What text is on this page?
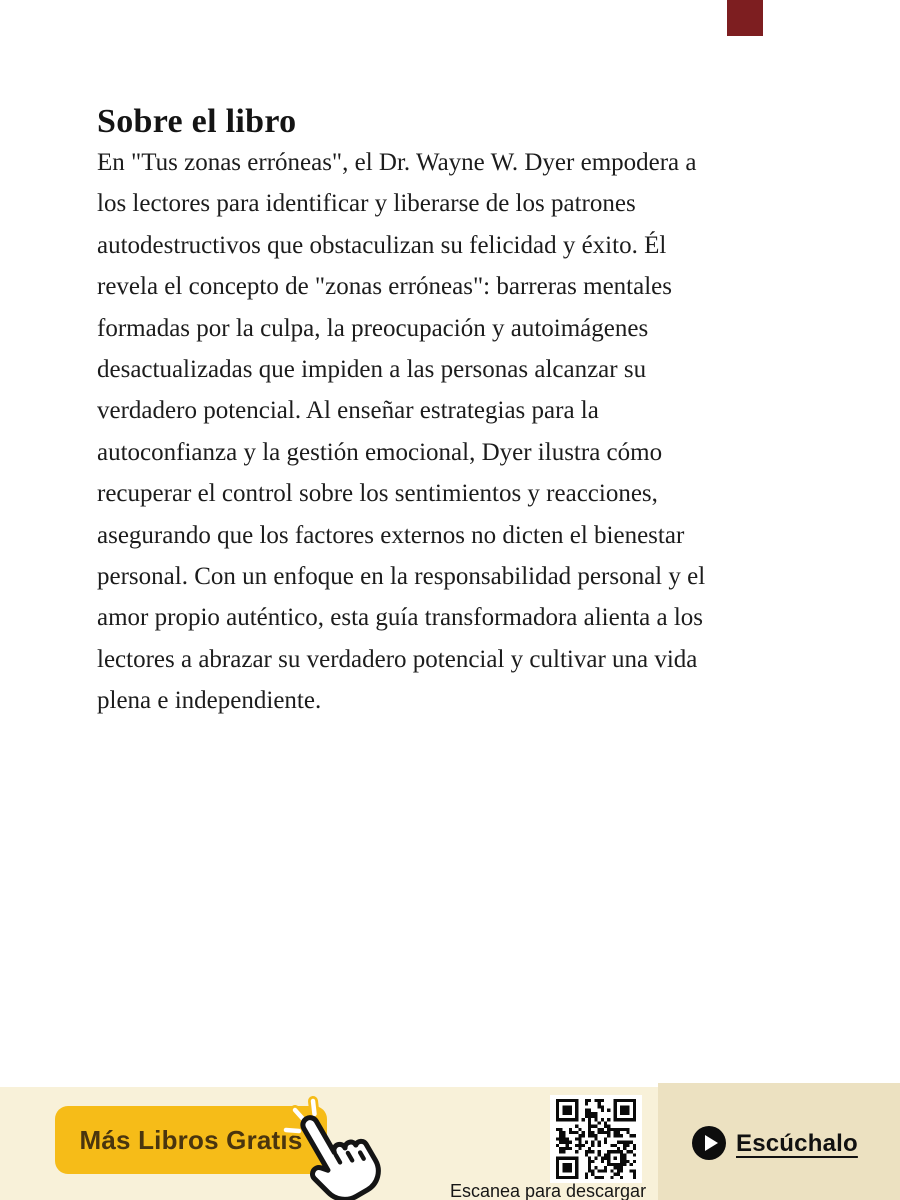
Sobre el libro
En "Tus zonas erróneas", el Dr. Wayne W. Dyer empodera a
los lectores para identificar y liberarse de los patrones
autodestructivos que obstaculizan su felicidad y éxito. Él
revela el concepto de "zonas erróneas": barreras mentales
formadas por la culpa, la preocupación y autoimágenes
desactualizadas que impiden a las personas alcanzar su
verdadero potencial. Al enseñar estrategias para la
autoconfianza y la gestión emocional, Dyer ilustra cómo
recuperar el control sobre los sentimientos y reacciones,
asegurando que los factores externos no dicten el bienestar
personal. Con un enfoque en la responsabilidad personal y el
amor propio auténtico, esta guía transformadora alienta a los
lectores a abrazar su verdadero potencial y cultivar una vida
plena e independiente.
Más Libros Gratis
Escanea para descargar
Escúchalo
